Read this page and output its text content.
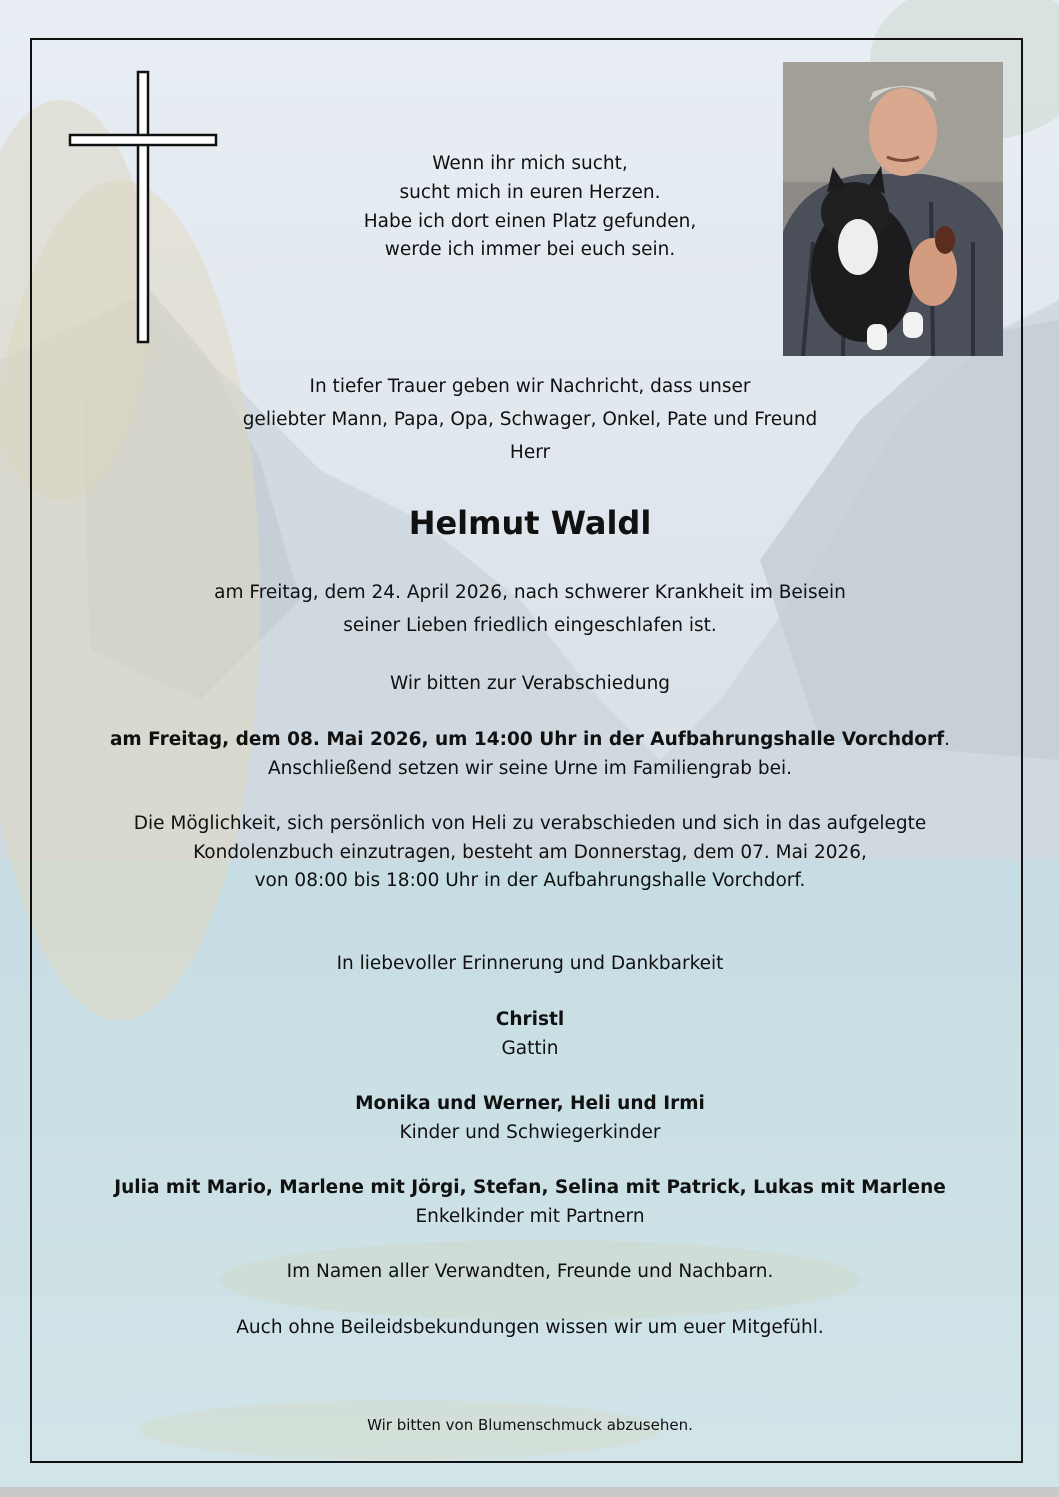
Wenn ihr mich sucht,
sucht mich in euren Herzen.
Habe ich dort einen Platz gefunden,
werde ich immer bei euch sein.
In tiefer Trauer geben wir Nachricht, dass unser
geliebter Mann, Papa, Opa, Schwager, Onkel, Pate und Freund
Herr
Helmut Waldl
am Freitag, dem 24. April 2026, nach schwerer Krankheit im Beisein
seiner Lieben friedlich eingeschlafen ist.
Wir bitten zur Verabschiedung
am Freitag, dem 08. Mai 2026, um 14:00 Uhr in der Aufbahrungshalle Vorchdorf.
Anschließend setzen wir seine Urne im Familiengrab bei.
Die Möglichkeit, sich persönlich von Heli zu verabschieden und sich in das aufgelegte
Kondolenzbuch einzutragen, besteht am Donnerstag, dem 07. Mai 2026,
von 08:00 bis 18:00 Uhr in der Aufbahrungshalle Vorchdorf.
In liebevoller Erinnerung und Dankbarkeit
Christl
Gattin
Monika und Werner, Heli und Irmi
Kinder und Schwiegerkinder
Julia mit Mario, Marlene mit Jörgi, Stefan, Selina mit Patrick, Lukas mit Marlene
Enkelkinder mit Partnern
Im Namen aller Verwandten, Freunde und Nachbarn.
Auch ohne Beileidsbekundungen wissen wir um euer Mitgefühl.
Wir bitten von Blumenschmuck abzusehen.
